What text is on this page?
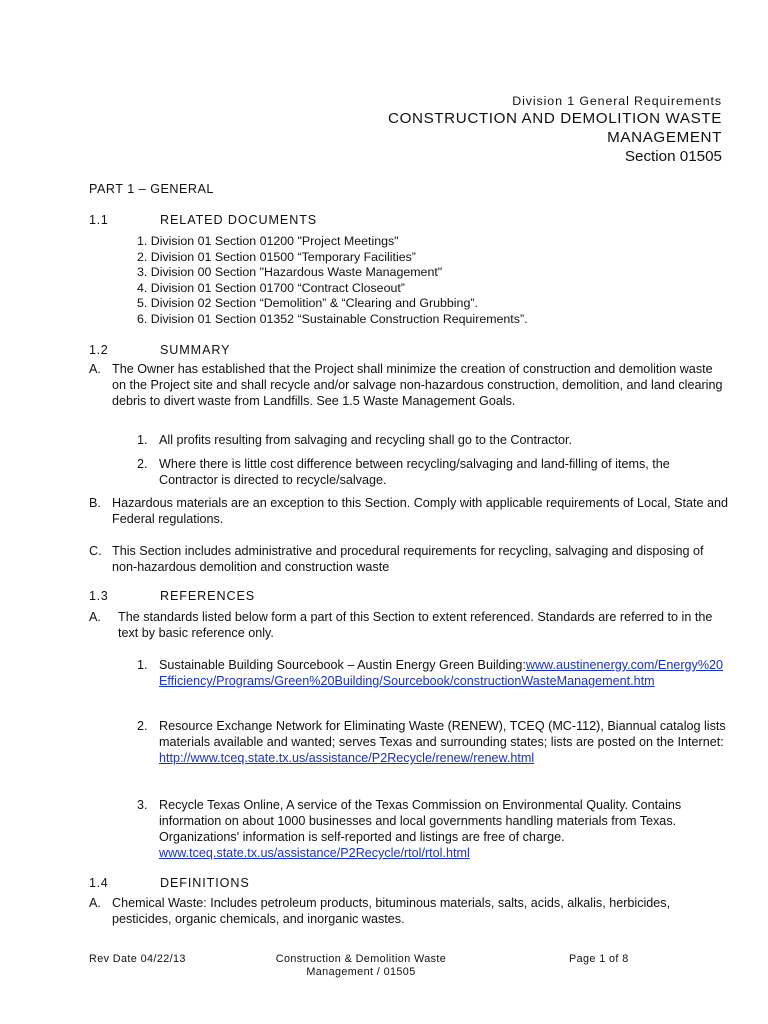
Division 1 General Requirements
CONSTRUCTION AND DEMOLITION WASTE
MANAGEMENT
Section 01505
PART 1 – GENERAL
1.1	RELATED DOCUMENTS
1. Division 01 Section 01200 "Project Meetings"
2. Division 01 Section 01500 “Temporary Facilities”
3. Division 00 Section "Hazardous Waste Management"
4. Division 01 Section 01700 “Contract Closeout”
5. Division 02 Section “Demolition” & “Clearing and Grubbing”.
6. Division 01 Section 01352 “Sustainable Construction Requirements”.
1.2	SUMMARY
A. The Owner has established that the Project shall minimize the creation of construction and demolition waste on the Project site and shall recycle and/or salvage non-hazardous construction, demolition, and land clearing debris to divert waste from Landfills. See 1.5 Waste Management Goals.
1. All profits resulting from salvaging and recycling shall go to the Contractor.
2. Where there is little cost difference between recycling/salvaging and land-filling of items, the Contractor is directed to recycle/salvage.
B. Hazardous materials are an exception to this Section. Comply with applicable requirements of Local, State and Federal regulations.
C. This Section includes administrative and procedural requirements for recycling, salvaging and disposing of non-hazardous demolition and construction waste
1.3	REFERENCES
A. The standards listed below form a part of this Section to extent referenced. Standards are referred to in the text by basic reference only.
1. Sustainable Building Sourcebook – Austin Energy Green Building:www.austinenergy.com/Energy%20Efficiency/Programs/Green%20Building/Sourcebook/constructionWasteManagement.htm
2. Resource Exchange Network for Eliminating Waste (RENEW), TCEQ (MC-112), Biannual catalog lists materials available and wanted; serves Texas and surrounding states; lists are posted on the Internet:
http://www.tceq.state.tx.us/assistance/P2Recycle/renew/renew.html
3. Recycle Texas Online, A service of the Texas Commission on Environmental Quality. Contains information on about 1000 businesses and local governments handling materials from Texas. Organizations' information is self-reported and listings are free of charge. www.tceq.state.tx.us/assistance/P2Recycle/rtol/rtol.html
1.4	DEFINITIONS
A. Chemical Waste: Includes petroleum products, bituminous materials, salts, acids, alkalis, herbicides, pesticides, organic chemicals, and inorganic wastes.
Rev Date 04/22/13	Construction & Demolition Waste
Management / 01505
Page 1 of 8
